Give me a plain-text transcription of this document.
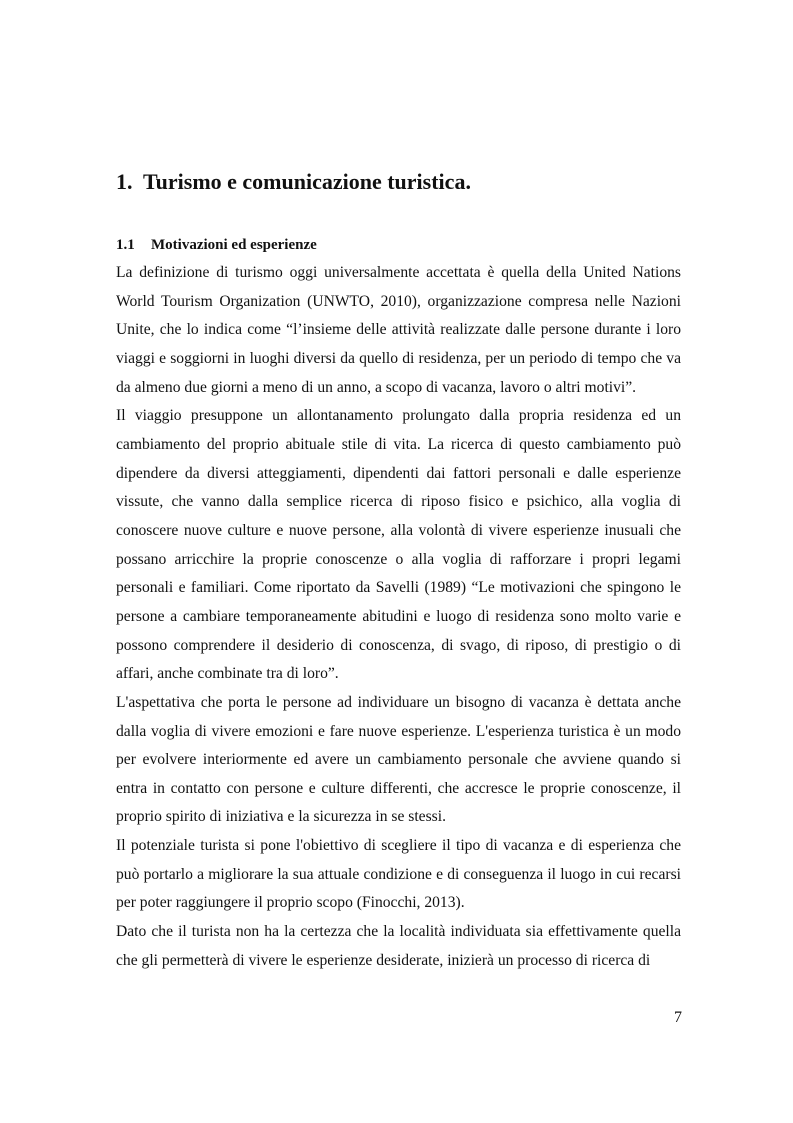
1. Turismo e comunicazione turistica.
1.1 Motivazioni ed esperienze

La definizione di turismo oggi universalmente accettata è quella della United Nations World Tourism Organization (UNWTO, 2010), organizzazione compresa nelle Nazioni Unite, che lo indica come “l’insieme delle attività realizzate dalle persone durante i loro viaggi e soggiorni in luoghi diversi da quello di residenza, per un periodo di tempo che va da almeno due giorni a meno di un anno, a scopo di vacanza, lavoro o altri motivi”.

Il viaggio presuppone un allontanamento prolungato dalla propria residenza ed un cambiamento del proprio abituale stile di vita. La ricerca di questo cambiamento può dipendere da diversi atteggiamenti, dipendenti dai fattori personali e dalle esperienze vissute, che vanno dalla semplice ricerca di riposo fisico e psichico, alla voglia di conoscere nuove culture e nuove persone, alla volontà di vivere esperienze inusuali che possano arricchire la proprie conoscenze o alla voglia di rafforzare i propri legami personali e familiari. Come riportato da Savelli (1989) “Le motivazioni che spingono le persone a cambiare temporaneamente abitudini e luogo di residenza sono molto varie e possono comprendere il desiderio di conoscenza, di svago, di riposo, di prestigio o di affari, anche combinate tra di loro”.

L'aspettativa che porta le persone ad individuare un bisogno di vacanza è dettata anche dalla voglia di vivere emozioni e fare nuove esperienze. L'esperienza turistica è un modo per evolvere interiormente ed avere un cambiamento personale che avviene quando si entra in contatto con persone e culture differenti, che accresce le proprie conoscenze, il proprio spirito di iniziativa e la sicurezza in se stessi.

Il potenziale turista si pone l'obiettivo di scegliere il tipo di vacanza e di esperienza che può portarlo a migliorare la sua attuale condizione e di conseguenza il luogo in cui recarsi per poter raggiungere il proprio scopo (Finocchi, 2013).

Dato che il turista non ha la certezza che la località individuata sia effettivamente quella che gli permetterà di vivere le esperienze desiderate, inizierà un processo di ricerca di

7
